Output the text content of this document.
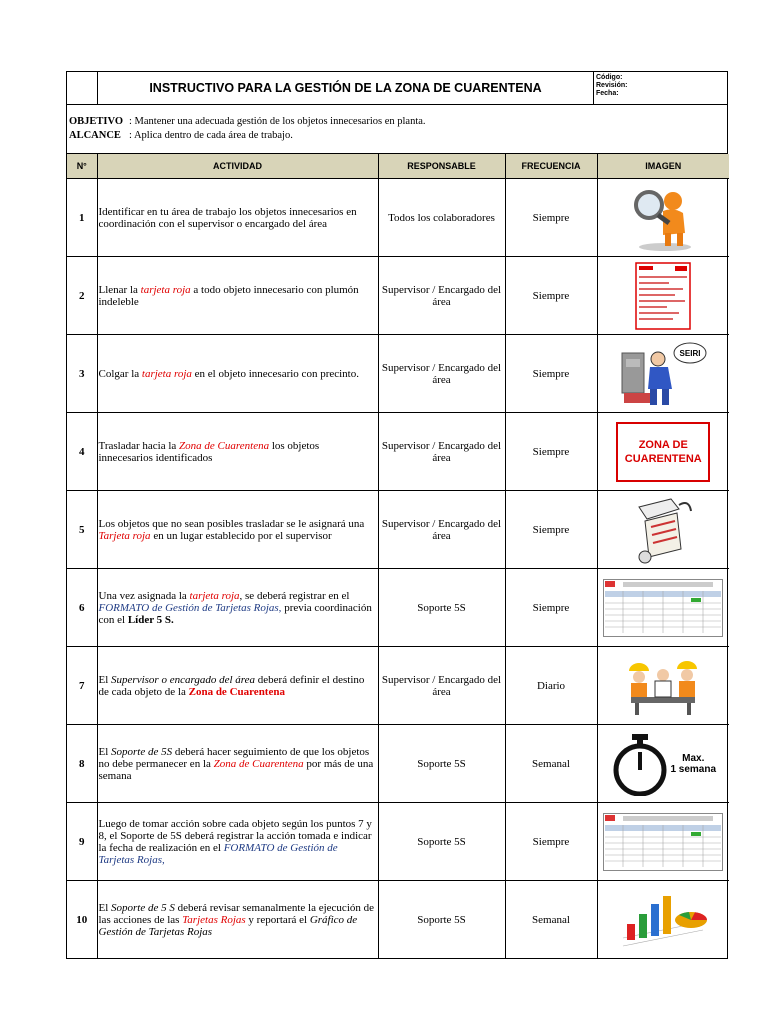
INSTRUCTIVO PARA LA GESTIÓN DE LA ZONA DE CUARENTENA
Código:
Revisión:
Fecha:
OBJETIVO : Mantener una adecuada gestión de los objetos innecesarios en planta.
ALCANCE : Aplica dentro de cada área de trabajo.
N°	ACTIVIDAD	RESPONSABLE	FRECUENCIA	IMAGEN
1	Identificar en tu área de trabajo los objetos innecesarios en coordinación con el supervisor o encargado del área	Todos los colaboradores	Siempre	

2	Llenar la tarjeta roja a todo objeto innecesario con plumón indeleble	Supervisor / Encargado del área	Siempre	

3	Colgar la tarjeta roja en el objeto innecesario con precinto.	Supervisor / Encargado del área	Siempre	SEIRI

4	Trasladar hacia la Zona de Cuarentena los objetos innecesarios identificados	Supervisor / Encargado del área	Siempre	ZONA DE CUARENTENA

5	Los objetos que no sean posibles trasladar se le asignará una Tarjeta roja en un lugar establecido por el supervisor	Supervisor / Encargado del área	Siempre	

6	Una vez asignada la tarjeta roja, se deberá registrar en el FORMATO de Gestión de Tarjetas Rojas, previa coordinación con el Líder 5 S.	Soporte 5S	Siempre	

7	El Supervisor o encargado del área deberá definir el destino de cada objeto de la Zona de Cuarentena	Supervisor / Encargado del área	Diario	

8	El Soporte de 5S deberá hacer seguimiento de que los objetos no debe permanecer en la Zona de Cuarentena por más de una semana	Soporte 5S	Semanal	Max.
1 semana

9	Luego de tomar acción sobre cada objeto según los puntos 7 y 8, el Soporte de 5S deberá registrar la acción tomada e indicar la fecha de realización en el FORMATO de Gestión de Tarjetas Rojas,	Soporte 5S	Siempre	

10	El Soporte de 5 S deberá revisar semanalmente la ejecución de las acciones de las Tarjetas Rojas y reportará el Gráfico de Gestión de Tarjetas Rojas	Soporte 5S	Semanal	
